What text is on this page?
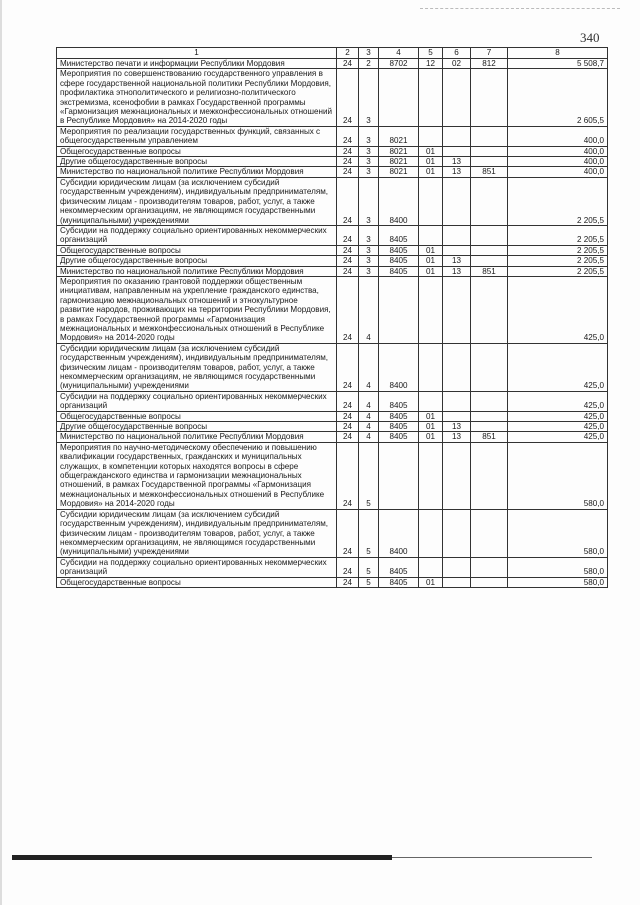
340
1	2	3	4	5	6	7	8
Министерство печати и информации Республики Мордовия	24	2	8702	12	02	812	5 508,7
Мероприятия по совершенствованию государственного управления в сфере государственной национальной политики Республики Мордовия, профилактика этнополитического и религиозно-политического экстремизма, ксенофобии в рамках Государственной программы «Гармонизация межнациональных и межконфессиональных отношений в Республике Мордовия» на 2014-2020 годы	24	3					2 605,5
Мероприятия по реализации государственных функций, связанных с общегосударственным управлением	24	3	8021				400,0
Общегосударственные вопросы	24	3	8021	01			400,0
Другие общегосударственные вопросы	24	3	8021	01	13		400,0
Министерство по национальной политике Республики Мордовия	24	3	8021	01	13	851	400,0
Субсидии юридическим лицам (за исключением субсидий государственным учреждениям), индивидуальным предпринимателям, физическим лицам - производителям товаров, работ, услуг, а также некоммерческим организациям, не являющимся государственными (муниципальными) учреждениями	24	3	8400				2 205,5
Субсидии на поддержку социально ориентированных некоммерческих организаций	24	3	8405				2 205,5
Общегосударственные вопросы	24	3	8405	01			2 205,5
Другие общегосударственные вопросы	24	3	8405	01	13		2 205,5
Министерство по национальной политике Республики Мордовия	24	3	8405	01	13	851	2 205,5
Мероприятия по оказанию грантовой поддержки общественным инициативам, направленным на укрепление гражданского единства, гармонизацию межнациональных отношений и этнокультурное развитие народов, проживающих на территории Республики Мордовия, в рамках Государственной программы «Гармонизация межнациональных и межконфессиональных отношений в Республике Мордовия» на 2014-2020 годы	24	4					425,0
Субсидии юридическим лицам (за исключением субсидий государственным учреждениям), индивидуальным предпринимателям, физическим лицам - производителям товаров, работ, услуг, а также некоммерческим организациям, не являющимся государственными (муниципальными) учреждениями	24	4	8400				425,0
Субсидии на поддержку социально ориентированных некоммерческих организаций	24	4	8405				425,0
Общегосударственные вопросы	24	4	8405	01			425,0
Другие общегосударственные вопросы	24	4	8405	01	13		425,0
Министерство по национальной политике Республики Мордовия	24	4	8405	01	13	851	425,0
Мероприятия по научно-методическому обеспечению и повышению квалификации государственных, гражданских и муниципальных служащих, в компетенции которых находятся вопросы в сфере общегражданского единства и гармонизации межнациональных отношений, в рамках Государственной программы «Гармонизация межнациональных и межконфессиональных отношений в Республике Мордовия» на 2014-2020 годы	24	5					580,0
Субсидии юридическим лицам (за исключением субсидий государственным учреждениям), индивидуальным предпринимателям, физическим лицам - производителям товаров, работ, услуг, а также некоммерческим организациям, не являющимся государственными (муниципальными) учреждениями	24	5	8400				580,0
Субсидии на поддержку социально ориентированных некоммерческих организаций	24	5	8405				580,0
Общегосударственные вопросы	24	5	8405	01			580,0
